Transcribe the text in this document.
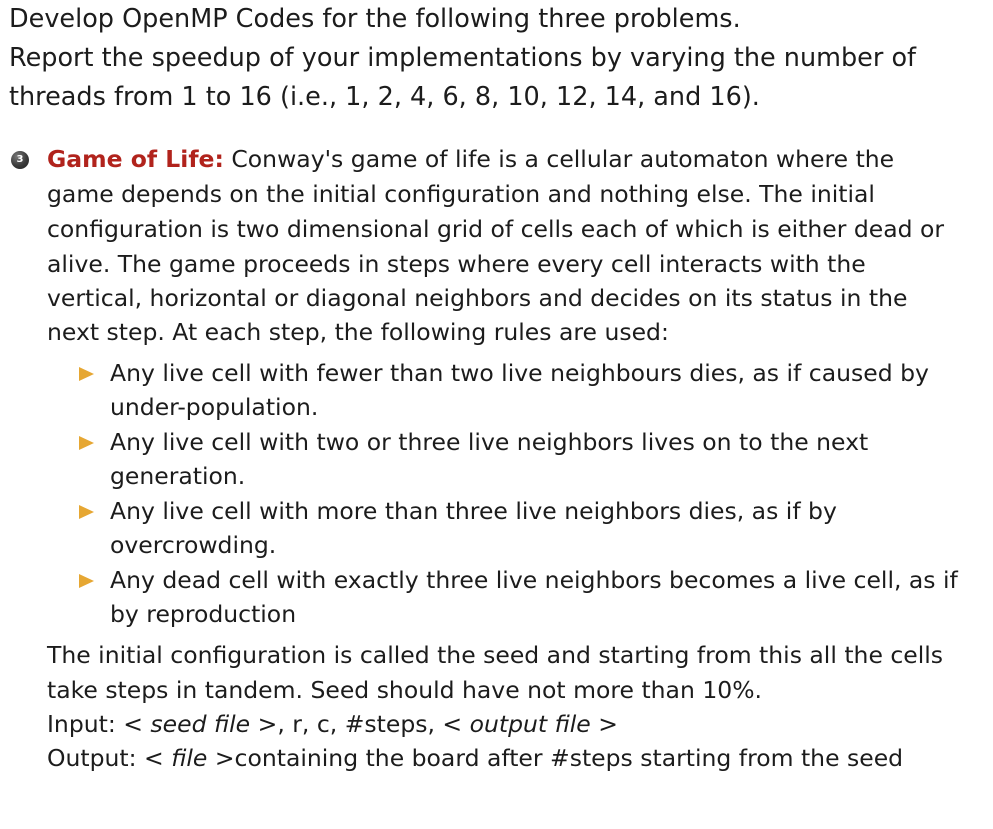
Develop OpenMP Codes for the following three problems.
Report the speedup of your implementations by varying the number of
threads from 1 to 16 (i.e., 1, 2, 4, 6, 8, 10, 12, 14, and 16).
3 Game of Life: Conway's game of life is a cellular automaton where the
game depends on the initial configuration and nothing else. The initial
configuration is two dimensional grid of cells each of which is either dead or
alive. The game proceeds in steps where every cell interacts with the
vertical, horizontal or diagonal neighbors and decides on its status in the
next step. At each step, the following rules are used:
Any live cell with fewer than two live neighbours dies, as if caused by
under-population.
Any live cell with two or three live neighbors lives on to the next
generation.
Any live cell with more than three live neighbors dies, as if by
overcrowding.
Any dead cell with exactly three live neighbors becomes a live cell, as if
by reproduction
The initial configuration is called the seed and starting from this all the cells
take steps in tandem. Seed should have not more than 10%.
Input: < seed file >, r, c, #steps, < output file >
Output: < file >containing the board after #steps starting from the seed
